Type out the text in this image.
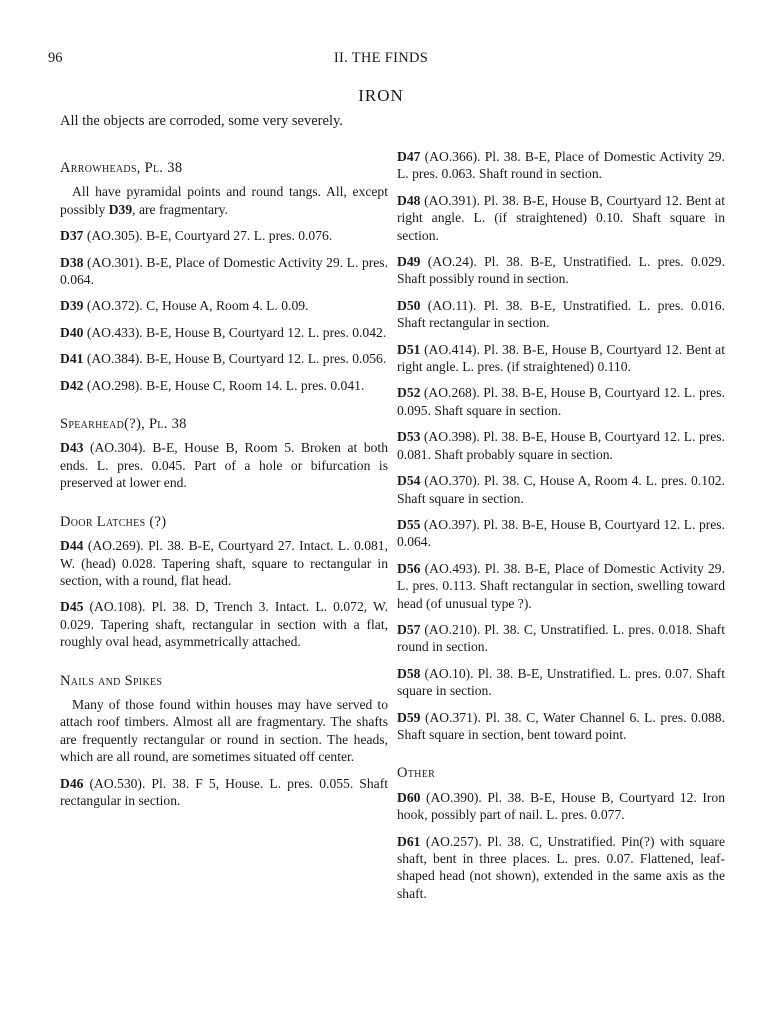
96	II. THE FINDS
IRON
All the objects are corroded, some very severely.
Arrowheads, Pl. 38

All have pyramidal points and round tangs. All, except possibly D39, are fragmentary.

D37 (AO.305). B-E, Courtyard 27. L. pres. 0.076.

D38 (AO.301). B-E, Place of Domestic Activity 29. L. pres. 0.064.

D39 (AO.372). C, House A, Room 4. L. 0.09.

D40 (AO.433). B-E, House B, Courtyard 12. L. pres. 0.042.

D41 (AO.384). B-E, House B, Courtyard 12. L. pres. 0.056.

D42 (AO.298). B-E, House C, Room 14. L. pres. 0.041.

Spearhead(?), Pl. 38

D43 (AO.304). B-E, House B, Room 5. Broken at both ends. L. pres. 0.045. Part of a hole or bifurcation is preserved at lower end.

Door Latches (?)

D44 (AO.269). Pl. 38. B-E, Courtyard 27. Intact. L. 0.081, W. (head) 0.028. Tapering shaft, square to rectangular in section, with a round, flat head.

D45 (AO.108). Pl. 38. D, Trench 3. Intact. L. 0.072, W. 0.029. Tapering shaft, rectangular in section with a flat, roughly oval head, asymmetrically attached.

Nails and Spikes

Many of those found within houses may have served to attach roof timbers. Almost all are fragmentary. The shafts are frequently rectangular or round in section. The heads, which are all round, are sometimes situated off center.

D46 (AO.530). Pl. 38. F 5, House. L. pres. 0.055. Shaft rectangular in section.

D47 (AO.366). Pl. 38. B-E, Place of Domestic Activity 29. L. pres. 0.063. Shaft round in section.

D48 (AO.391). Pl. 38. B-E, House B, Courtyard 12. Bent at right angle. L. (if straightened) 0.10. Shaft square in section.

D49 (AO.24). Pl. 38. B-E, Unstratified. L. pres. 0.029. Shaft possibly round in section.

D50 (AO.11). Pl. 38. B-E, Unstratified. L. pres. 0.016. Shaft rectangular in section.

D51 (AO.414). Pl. 38. B-E, House B, Courtyard 12. Bent at right angle. L. pres. (if straightened) 0.110.

D52 (AO.268). Pl. 38. B-E, House B, Courtyard 12. L. pres. 0.095. Shaft square in section.

D53 (AO.398). Pl. 38. B-E, House B, Courtyard 12. L. pres. 0.081. Shaft probably square in section.

D54 (AO.370). Pl. 38. C, House A, Room 4. L. pres. 0.102. Shaft square in section.

D55 (AO.397). Pl. 38. B-E, House B, Courtyard 12. L. pres. 0.064.

D56 (AO.493). Pl. 38. B-E, Place of Domestic Activity 29. L. pres. 0.113. Shaft rectangular in section, swelling toward head (of unusual type ?).

D57 (AO.210). Pl. 38. C, Unstratified. L. pres. 0.018. Shaft round in section.

D58 (AO.10). Pl. 38. B-E, Unstratified. L. pres. 0.07. Shaft square in section.

D59 (AO.371). Pl. 38. C, Water Channel 6. L. pres. 0.088. Shaft square in section, bent toward point.

Other

D60 (AO.390). Pl. 38. B-E, House B, Courtyard 12. Iron hook, possibly part of nail. L. pres. 0.077.

D61 (AO.257). Pl. 38. C, Unstratified. Pin(?) with square shaft, bent in three places. L. pres. 0.07. Flattened, leaf-shaped head (not shown), extended in the same axis as the shaft.
